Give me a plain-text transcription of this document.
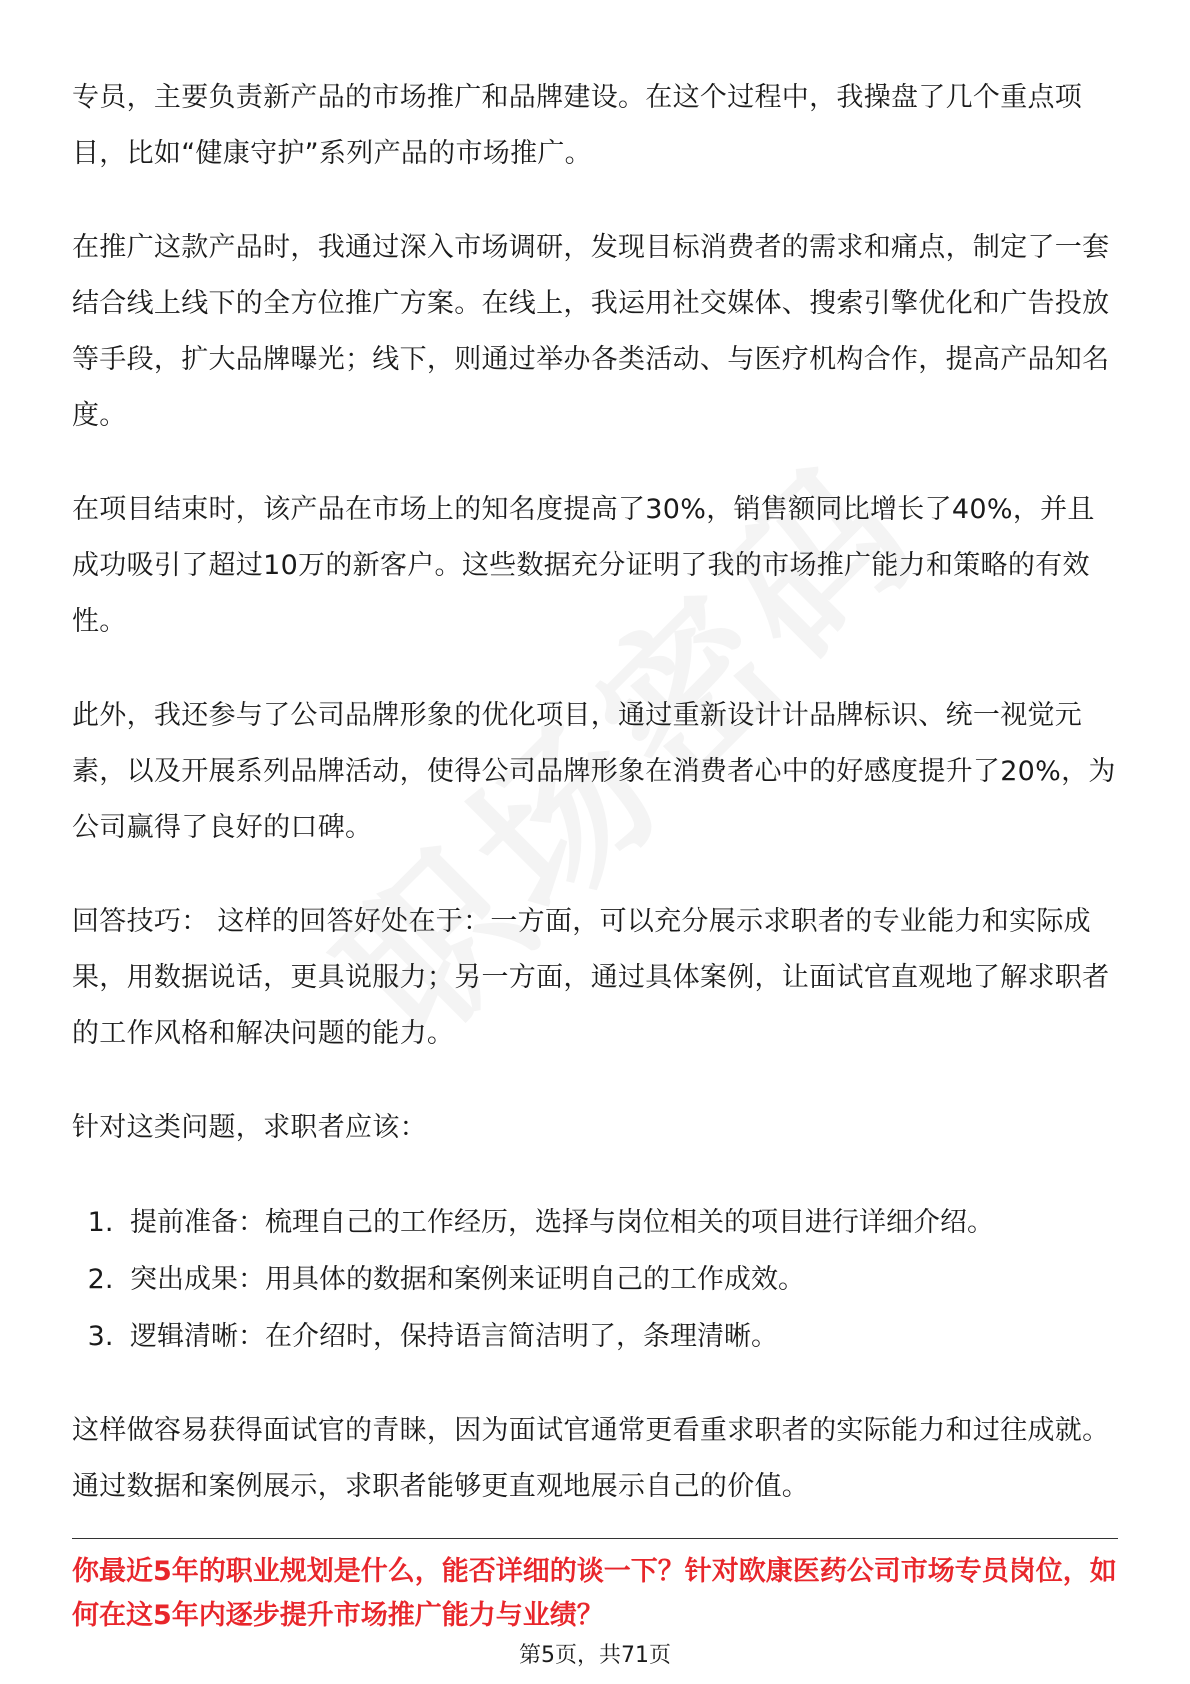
专员，主要负责新产品的市场推广和品牌建设。在这个过程中，我操盘了几个重点项目，比如“健康守护”系列产品的市场推广。

在推广这款产品时，我通过深入市场调研，发现目标消费者的需求和痛点，制定了一套结合线上线下的全方位推广方案。在线上，我运用社交媒体、搜索引擎优化和广告投放等手段，扩大品牌曝光；线下，则通过举办各类活动、与医疗机构合作，提高产品知名度。

在项目结束时，该产品在市场上的知名度提高了30%，销售额同比增长了40%，并且成功吸引了超过10万的新客户。这些数据充分证明了我的市场推广能力和策略的有效性。

此外，我还参与了公司品牌形象的优化项目，通过重新设计计品牌标识、统一视觉元素，以及开展系列品牌活动，使得公司品牌形象在消费者心中的好感度提升了20%，为公司赢得了良好的口碑。

回答技巧： 这样的回答好处在于：一方面，可以充分展示求职者的专业能力和实际成果，用数据说话，更具说服力；另一方面，通过具体案例，让面试官直观地了解求职者的工作风格和解决问题的能力。

针对这类问题，求职者应该：

1. 提前准备：梳理自己的工作经历，选择与岗位相关的项目进行详细介绍。
2. 突出成果：用具体的数据和案例来证明自己的工作成效。
3. 逻辑清晰：在介绍时，保持语言简洁明了，条理清晰。

这样做容易获得面试官的青睐，因为面试官通常更看重求职者的实际能力和过往成就。通过数据和案例展示，求职者能够更直观地展示自己的价值。

你最近5年的职业规划是什么，能否详细的谈一下？针对欧康医药公司市场专员岗位，如何在这5年内逐步提升市场推广能力与业绩？

第5页，共71页
